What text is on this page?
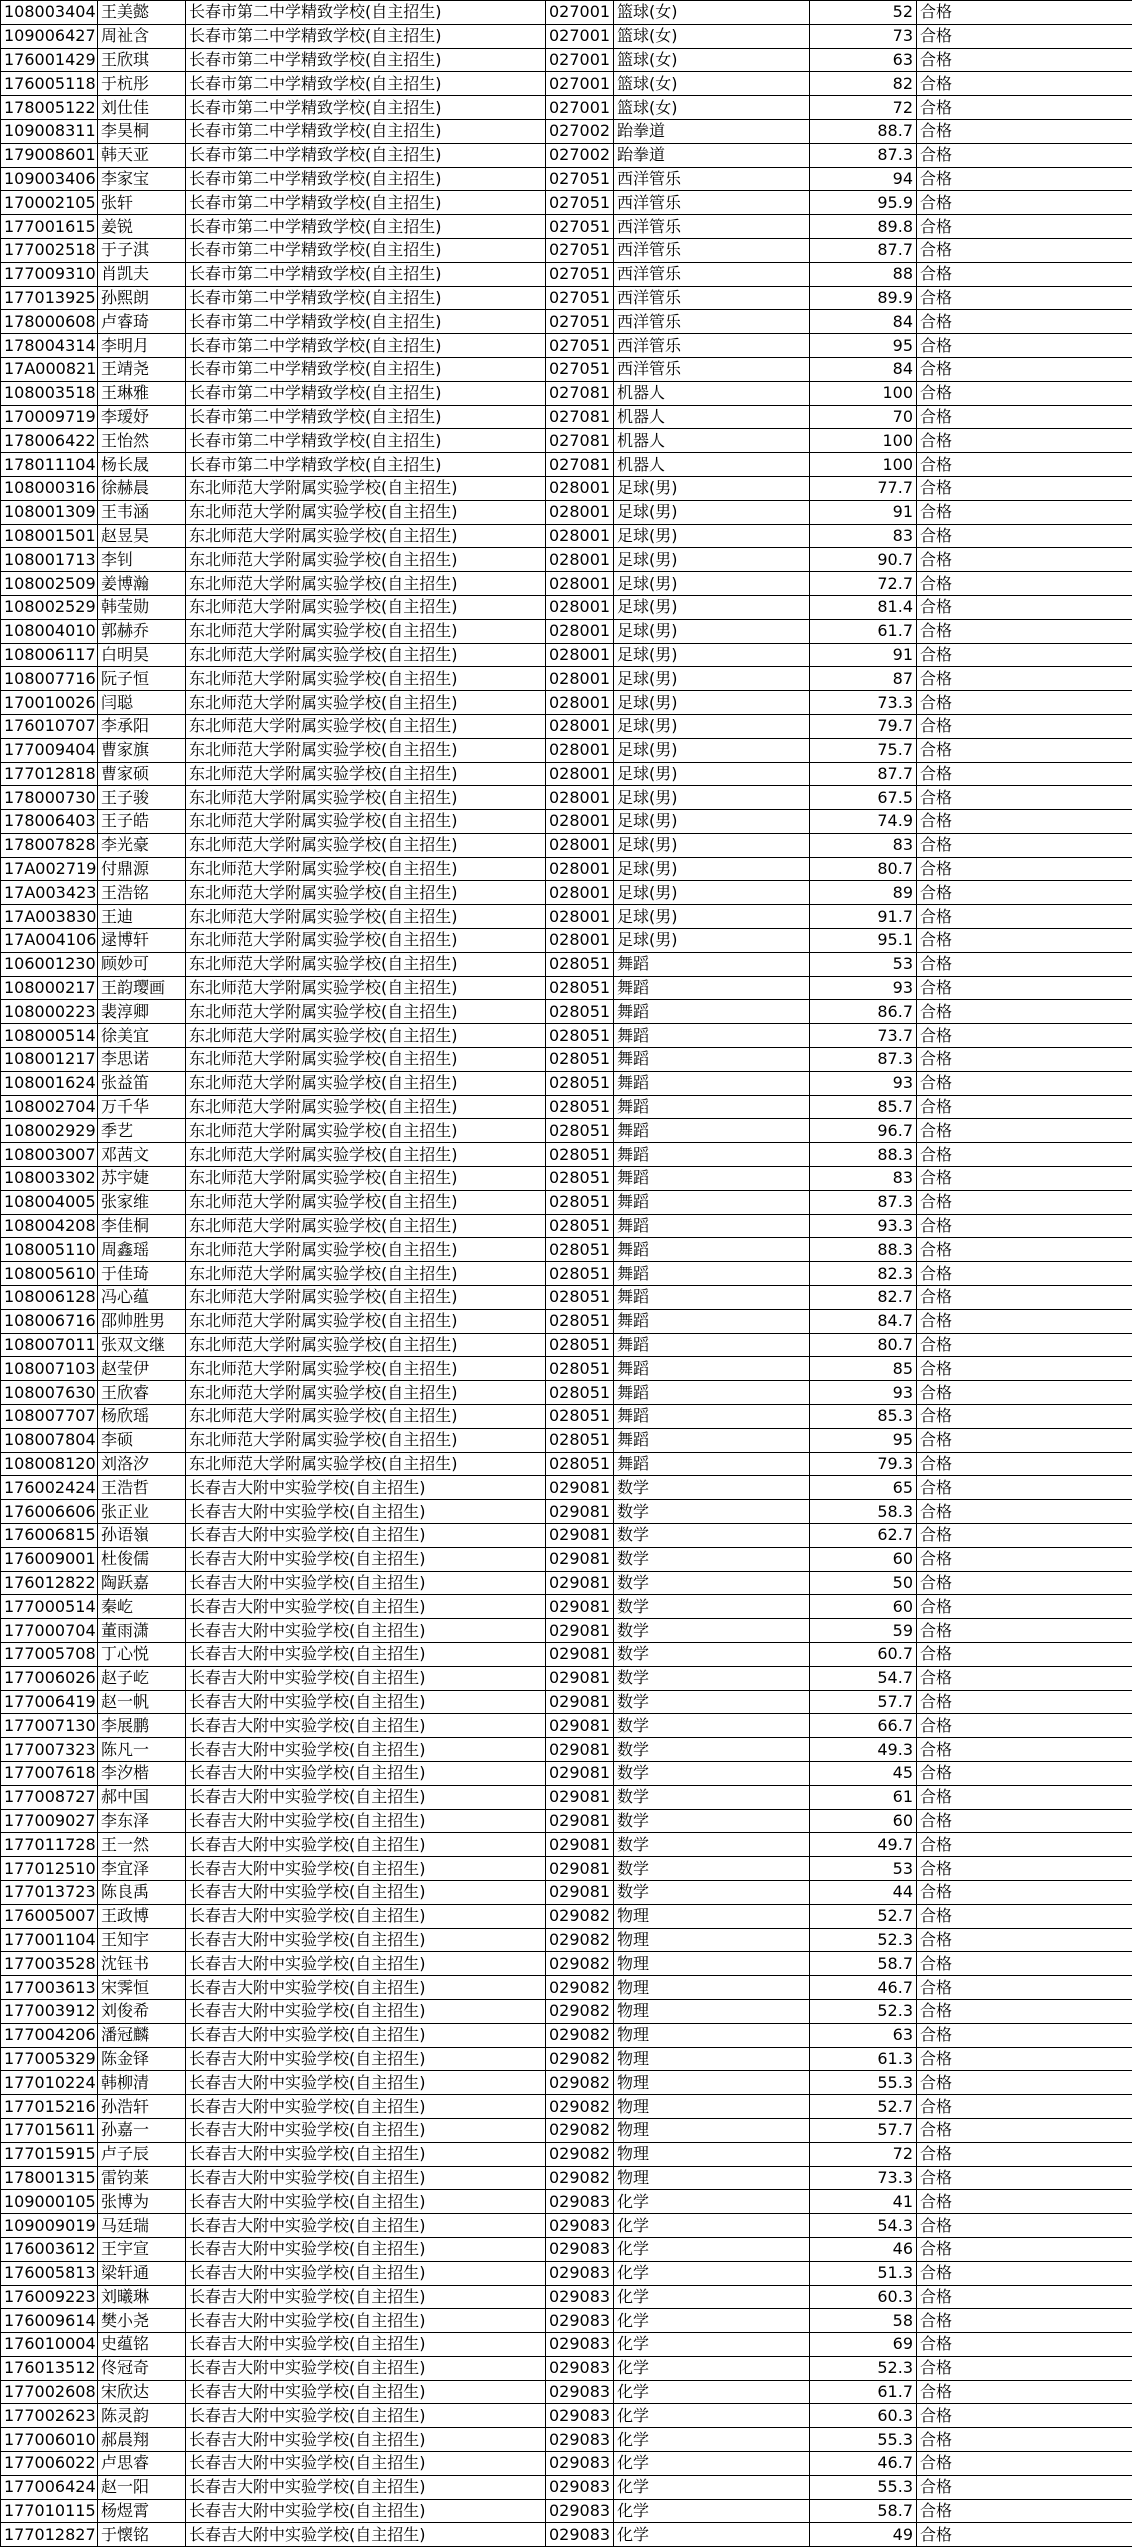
108003404	王美懿	长春市第二中学精致学校(自主招生)	027001	篮球(女)	52	合格
109006427	周祉含	长春市第二中学精致学校(自主招生)	027001	篮球(女)	73	合格
176001429	王欣琪	长春市第二中学精致学校(自主招生)	027001	篮球(女)	63	合格
176005118	于杭彤	长春市第二中学精致学校(自主招生)	027001	篮球(女)	82	合格
178005122	刘仕佳	长春市第二中学精致学校(自主招生)	027001	篮球(女)	72	合格
109008311	李昊桐	长春市第二中学精致学校(自主招生)	027002	跆拳道	88.7	合格
179008601	韩天亚	长春市第二中学精致学校(自主招生)	027002	跆拳道	87.3	合格
109003406	李家宝	长春市第二中学精致学校(自主招生)	027051	西洋管乐	94	合格
170002105	张轩	长春市第二中学精致学校(自主招生)	027051	西洋管乐	95.9	合格
177001615	姜锐	长春市第二中学精致学校(自主招生)	027051	西洋管乐	89.8	合格
177002518	于子淇	长春市第二中学精致学校(自主招生)	027051	西洋管乐	87.7	合格
177009310	肖凯夫	长春市第二中学精致学校(自主招生)	027051	西洋管乐	88	合格
177013925	孙熙朗	长春市第二中学精致学校(自主招生)	027051	西洋管乐	89.9	合格
178000608	卢睿琦	长春市第二中学精致学校(自主招生)	027051	西洋管乐	84	合格
178004314	李明月	长春市第二中学精致学校(自主招生)	027051	西洋管乐	95	合格
17A000821	王靖尧	长春市第二中学精致学校(自主招生)	027051	西洋管乐	84	合格
108003518	王琳雅	长春市第二中学精致学校(自主招生)	027081	机器人	100	合格
170009719	李瑷妤	长春市第二中学精致学校(自主招生)	027081	机器人	70	合格
178006422	王怡然	长春市第二中学精致学校(自主招生)	027081	机器人	100	合格
178011104	杨长晟	长春市第二中学精致学校(自主招生)	027081	机器人	100	合格
108000316	徐赫晨	东北师范大学附属实验学校(自主招生)	028001	足球(男)	77.7	合格
108001309	王韦涵	东北师范大学附属实验学校(自主招生)	028001	足球(男)	91	合格
108001501	赵昱昊	东北师范大学附属实验学校(自主招生)	028001	足球(男)	83	合格
108001713	李钊	东北师范大学附属实验学校(自主招生)	028001	足球(男)	90.7	合格
108002509	姜博瀚	东北师范大学附属实验学校(自主招生)	028001	足球(男)	72.7	合格
108002529	韩莹勋	东北师范大学附属实验学校(自主招生)	028001	足球(男)	81.4	合格
108004010	郭赫乔	东北师范大学附属实验学校(自主招生)	028001	足球(男)	61.7	合格
108006117	白明昊	东北师范大学附属实验学校(自主招生)	028001	足球(男)	91	合格
108007716	阮子恒	东北师范大学附属实验学校(自主招生)	028001	足球(男)	87	合格
170010026	闫聪	东北师范大学附属实验学校(自主招生)	028001	足球(男)	73.3	合格
176010707	李承阳	东北师范大学附属实验学校(自主招生)	028001	足球(男)	79.7	合格
177009404	曹家旗	东北师范大学附属实验学校(自主招生)	028001	足球(男)	75.7	合格
177012818	曹家硕	东北师范大学附属实验学校(自主招生)	028001	足球(男)	87.7	合格
178000730	王子骏	东北师范大学附属实验学校(自主招生)	028001	足球(男)	67.5	合格
178006403	王子皓	东北师范大学附属实验学校(自主招生)	028001	足球(男)	74.9	合格
178007828	李光豪	东北师范大学附属实验学校(自主招生)	028001	足球(男)	83	合格
17A002719	付鼎源	东北师范大学附属实验学校(自主招生)	028001	足球(男)	80.7	合格
17A003423	王浩铭	东北师范大学附属实验学校(自主招生)	028001	足球(男)	89	合格
17A003830	王迪	东北师范大学附属实验学校(自主招生)	028001	足球(男)	91.7	合格
17A004106	逯博轩	东北师范大学附属实验学校(自主招生)	028001	足球(男)	95.1	合格
106001230	顾妙可	东北师范大学附属实验学校(自主招生)	028051	舞蹈	53	合格
108000217	王韵璎画	东北师范大学附属实验学校(自主招生)	028051	舞蹈	93	合格
108000223	裴淳卿	东北师范大学附属实验学校(自主招生)	028051	舞蹈	86.7	合格
108000514	徐美宜	东北师范大学附属实验学校(自主招生)	028051	舞蹈	73.7	合格
108001217	李思诺	东北师范大学附属实验学校(自主招生)	028051	舞蹈	87.3	合格
108001624	张益笛	东北师范大学附属实验学校(自主招生)	028051	舞蹈	93	合格
108002704	万千华	东北师范大学附属实验学校(自主招生)	028051	舞蹈	85.7	合格
108002929	季艺	东北师范大学附属实验学校(自主招生)	028051	舞蹈	96.7	合格
108003007	邓茜文	东北师范大学附属实验学校(自主招生)	028051	舞蹈	88.3	合格
108003302	苏宇婕	东北师范大学附属实验学校(自主招生)	028051	舞蹈	83	合格
108004005	张家维	东北师范大学附属实验学校(自主招生)	028051	舞蹈	87.3	合格
108004208	李佳桐	东北师范大学附属实验学校(自主招生)	028051	舞蹈	93.3	合格
108005110	周鑫瑶	东北师范大学附属实验学校(自主招生)	028051	舞蹈	88.3	合格
108005610	于佳琦	东北师范大学附属实验学校(自主招生)	028051	舞蹈	82.3	合格
108006128	冯心蕴	东北师范大学附属实验学校(自主招生)	028051	舞蹈	82.7	合格
108006716	邵帅胜男	东北师范大学附属实验学校(自主招生)	028051	舞蹈	84.7	合格
108007011	张双文继	东北师范大学附属实验学校(自主招生)	028051	舞蹈	80.7	合格
108007103	赵莹伊	东北师范大学附属实验学校(自主招生)	028051	舞蹈	85	合格
108007630	王欣睿	东北师范大学附属实验学校(自主招生)	028051	舞蹈	93	合格
108007707	杨欣瑶	东北师范大学附属实验学校(自主招生)	028051	舞蹈	85.3	合格
108007804	李硕	东北师范大学附属实验学校(自主招生)	028051	舞蹈	95	合格
108008120	刘洛汐	东北师范大学附属实验学校(自主招生)	028051	舞蹈	79.3	合格
176002424	王浩哲	长春吉大附中实验学校(自主招生)	029081	数学	65	合格
176006606	张正业	长春吉大附中实验学校(自主招生)	029081	数学	58.3	合格
176006815	孙语嶺	长春吉大附中实验学校(自主招生)	029081	数学	62.7	合格
176009001	杜俊儒	长春吉大附中实验学校(自主招生)	029081	数学	60	合格
176012822	陶跃嘉	长春吉大附中实验学校(自主招生)	029081	数学	50	合格
177000514	秦屹	长春吉大附中实验学校(自主招生)	029081	数学	60	合格
177000704	董雨潇	长春吉大附中实验学校(自主招生)	029081	数学	59	合格
177005708	丁心悦	长春吉大附中实验学校(自主招生)	029081	数学	60.7	合格
177006026	赵子屹	长春吉大附中实验学校(自主招生)	029081	数学	54.7	合格
177006419	赵一帆	长春吉大附中实验学校(自主招生)	029081	数学	57.7	合格
177007130	李展鹏	长春吉大附中实验学校(自主招生)	029081	数学	66.7	合格
177007323	陈凡一	长春吉大附中实验学校(自主招生)	029081	数学	49.3	合格
177007618	李汐楷	长春吉大附中实验学校(自主招生)	029081	数学	45	合格
177008727	郝中国	长春吉大附中实验学校(自主招生)	029081	数学	61	合格
177009027	李东泽	长春吉大附中实验学校(自主招生)	029081	数学	60	合格
177011728	王一然	长春吉大附中实验学校(自主招生)	029081	数学	49.7	合格
177012510	李宜泽	长春吉大附中实验学校(自主招生)	029081	数学	53	合格
177013723	陈良禹	长春吉大附中实验学校(自主招生)	029081	数学	44	合格
176005007	王政博	长春吉大附中实验学校(自主招生)	029082	物理	52.7	合格
177001104	王知宇	长春吉大附中实验学校(自主招生)	029082	物理	52.3	合格
177003528	沈钰书	长春吉大附中实验学校(自主招生)	029082	物理	58.7	合格
177003613	宋霁恒	长春吉大附中实验学校(自主招生)	029082	物理	46.7	合格
177003912	刘俊希	长春吉大附中实验学校(自主招生)	029082	物理	52.3	合格
177004206	潘冠麟	长春吉大附中实验学校(自主招生)	029082	物理	63	合格
177005329	陈金铎	长春吉大附中实验学校(自主招生)	029082	物理	61.3	合格
177010224	韩柳清	长春吉大附中实验学校(自主招生)	029082	物理	55.3	合格
177015216	孙浩轩	长春吉大附中实验学校(自主招生)	029082	物理	52.7	合格
177015611	孙嘉一	长春吉大附中实验学校(自主招生)	029082	物理	57.7	合格
177015915	卢子辰	长春吉大附中实验学校(自主招生)	029082	物理	72	合格
178001315	雷钧莱	长春吉大附中实验学校(自主招生)	029082	物理	73.3	合格
109000105	张博为	长春吉大附中实验学校(自主招生)	029083	化学	41	合格
109009019	马廷瑞	长春吉大附中实验学校(自主招生)	029083	化学	54.3	合格
176003612	王宇宣	长春吉大附中实验学校(自主招生)	029083	化学	46	合格
176005813	梁轩通	长春吉大附中实验学校(自主招生)	029083	化学	51.3	合格
176009223	刘曦琳	长春吉大附中实验学校(自主招生)	029083	化学	60.3	合格
176009614	樊小尧	长春吉大附中实验学校(自主招生)	029083	化学	58	合格
176010004	史蕴铭	长春吉大附中实验学校(自主招生)	029083	化学	69	合格
176013512	佟冠奇	长春吉大附中实验学校(自主招生)	029083	化学	52.3	合格
177002608	宋欣达	长春吉大附中实验学校(自主招生)	029083	化学	61.7	合格
177002623	陈灵韵	长春吉大附中实验学校(自主招生)	029083	化学	60.3	合格
177006010	郝晨翔	长春吉大附中实验学校(自主招生)	029083	化学	55.3	合格
177006022	卢思睿	长春吉大附中实验学校(自主招生)	029083	化学	46.7	合格
177006424	赵一阳	长春吉大附中实验学校(自主招生)	029083	化学	55.3	合格
177010115	杨煜霄	长春吉大附中实验学校(自主招生)	029083	化学	58.7	合格
177012827	于懐铭	长春吉大附中实验学校(自主招生)	029083	化学	49	合格
